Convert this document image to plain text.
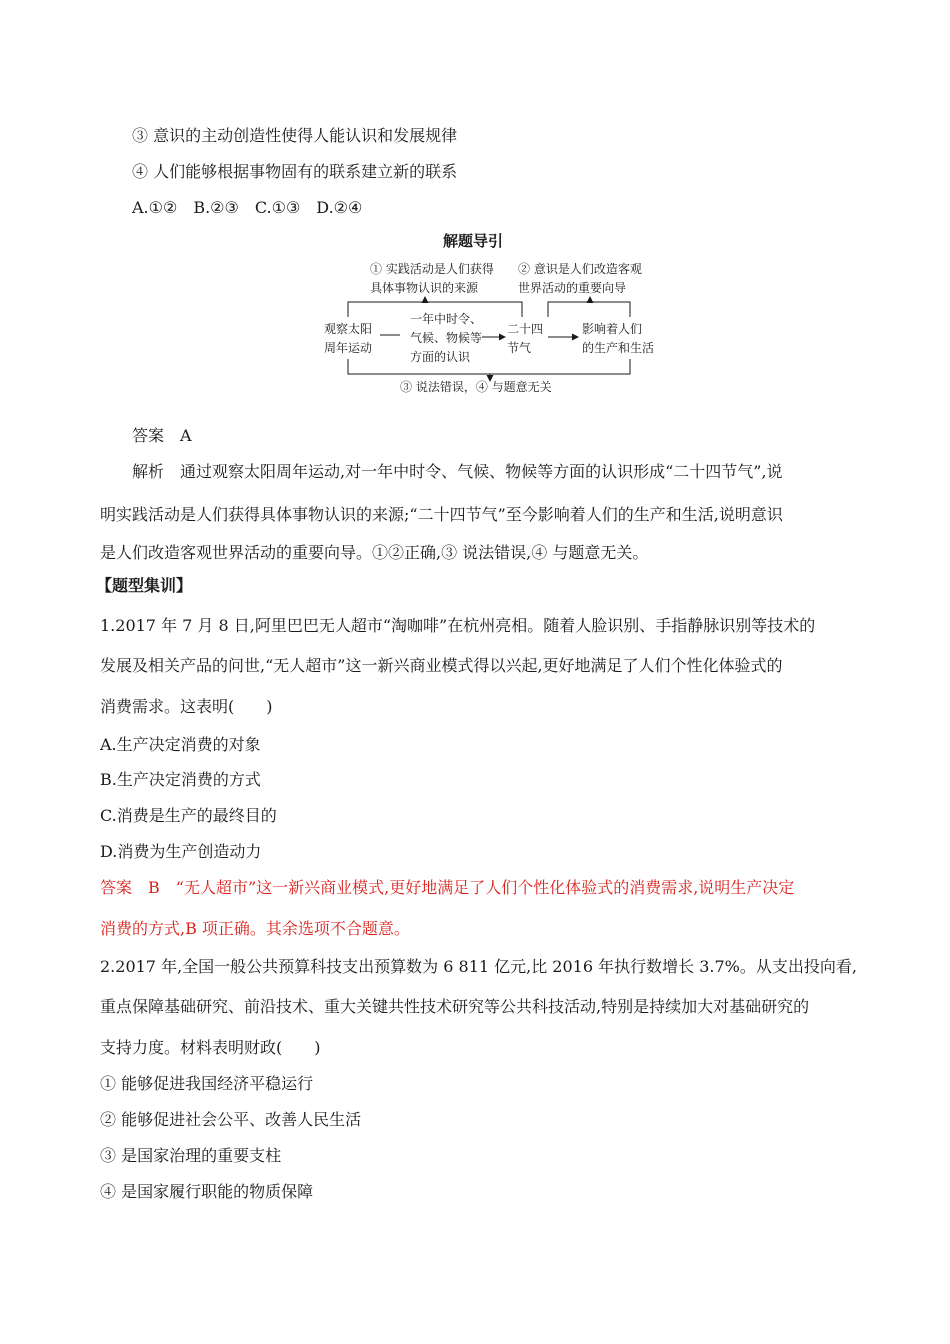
③ 意识的主动创造性使得人能认识和发展规律
④ 人们能够根据事物固有的联系建立新的联系
A.①②　B.②③　C.①③　D.②④
解题导引
① 实践活动是人们获得
具体事物认识的来源
② 意识是人们改造客观
世界活动的重要向导
观察太阳
周年运动
一年中时令、
气候、物候等
方面的认识
二十四
节气
影响着人们
的生产和生活
③ 说法错误，④ 与题意无关
答案　A
解析　通过观察太阳周年运动,对一年中时令、气候、物候等方面的认识形成“二十四节气”,说
明实践活动是人们获得具体事物认识的来源;“二十四节气”至今影响着人们的生产和生活,说明意识
是人们改造客观世界活动的重要向导。①②正确,③ 说法错误,④ 与题意无关。
【题型集训】
1.2017 年 7 月 8 日,阿里巴巴无人超市“淘咖啡”在杭州亮相。随着人脸识别、手指静脉识别等技术的
发展及相关产品的问世,“无人超市”这一新兴商业模式得以兴起,更好地满足了人们个性化体验式的
消费需求。这表明(　　)
A.生产决定消费的对象
B.生产决定消费的方式
C.消费是生产的最终目的
D.消费为生产创造动力
答案　B　“无人超市”这一新兴商业模式,更好地满足了人们个性化体验式的消费需求,说明生产决定
消费的方式,B 项正确。其余选项不合题意。
2.2017 年,全国一般公共预算科技支出预算数为 6 811 亿元,比 2016 年执行数增长 3.7%。从支出投向看,
重点保障基础研究、前沿技术、重大关键共性技术研究等公共科技活动,特别是持续加大对基础研究的
支持力度。材料表明财政(　　)
① 能够促进我国经济平稳运行
② 能够促进社会公平、改善人民生活
③ 是国家治理的重要支柱
④ 是国家履行职能的物质保障
